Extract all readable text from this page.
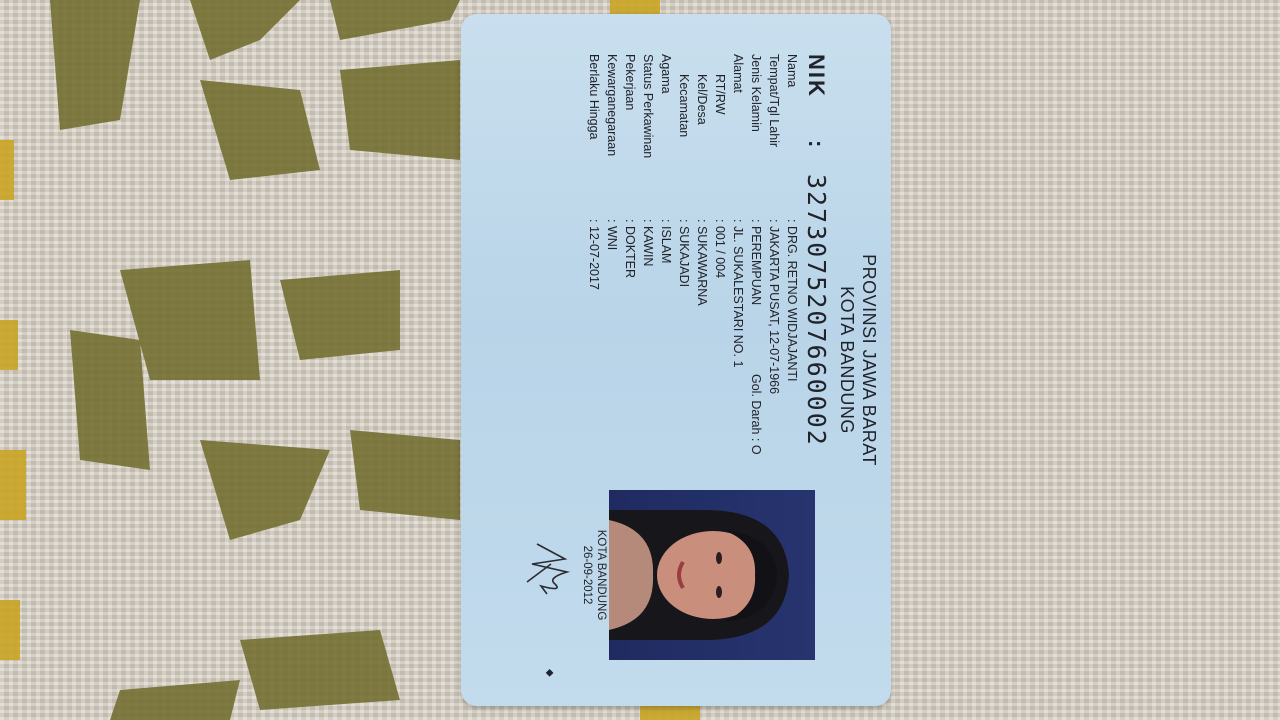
PROVINSI JAWA BARAT
KOTA BANDUNG
NIK
:
3273075207660002
Nama
: DRG. RETNO WIDJAJANTI
Tempat/Tgl Lahir
: JAKARTA PUSAT, 12-07-1966
Jenis Kelamin
: PEREMPUAN
Gol. Darah : O
Alamat
: JL. SUKALESTARI NO. 1
RT/RW
: 001 / 004
Kel/Desa
: SUKAWARNA
Kecamatan
: SUKAJADI
Agama
: ISLAM
Status Perkawinan
: KAWIN
Pekerjaan
: DOKTER
Kewarganegaraan
: WNI
Berlaku Hingga
: 12-07-2017
KOTA BANDUNG
26-09-2012
◆
